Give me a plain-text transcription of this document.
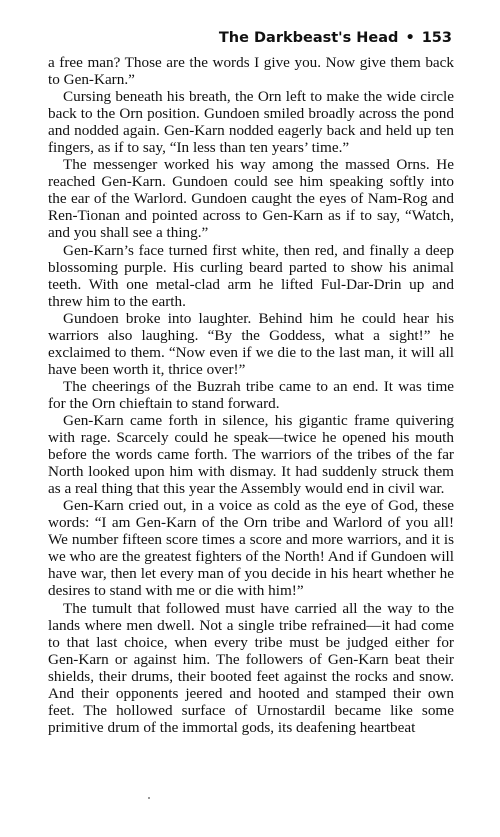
The Darkbeast's Head • 153

a free man? Those are the words I give you. Now give them back to Gen-Karn.”

Cursing beneath his breath, the Orn left to make the wide circle back to the Orn position. Gundoen smiled broadly across the pond and nodded again. Gen-Karn nodded eagerly back and held up ten fingers, as if to say, “In less than ten years’ time.”

The messenger worked his way among the massed Orns. He reached Gen-Karn. Gundoen could see him speaking softly into the ear of the Warlord. Gundoen caught the eyes of Nam-Rog and Ren-Tionan and pointed across to Gen-Karn as if to say, “Watch, and you shall see a thing.”

Gen-Karn’s face turned first white, then red, and finally a deep blossoming purple. His curling beard parted to show his animal teeth. With one metal-clad arm he lifted Ful-Dar-Drin up and threw him to the earth.

Gundoen broke into laughter. Behind him he could hear his warriors also laughing. “By the Goddess, what a sight!” he exclaimed to them. “Now even if we die to the last man, it will all have been worth it, thrice over!”

The cheerings of the Buzrah tribe came to an end. It was time for the Orn chieftain to stand forward.

Gen-Karn came forth in silence, his gigantic frame quivering with rage. Scarcely could he speak—twice he opened his mouth before the words came forth. The warriors of the tribes of the far North looked upon him with dismay. It had suddenly struck them as a real thing that this year the Assembly would end in civil war.

Gen-Karn cried out, in a voice as cold as the eye of God, these words: “I am Gen-Karn of the Orn tribe and Warlord of you all! We number fifteen score times a score and more warriors, and it is we who are the greatest fighters of the North! And if Gundoen will have war, then let every man of you decide in his heart whether he desires to stand with me or die with him!”

The tumult that followed must have carried all the way to the lands where men dwell. Not a single tribe refrained—it had come to that last choice, when every tribe must be judged either for Gen-Karn or against him. The followers of Gen-Karn beat their shields, their drums, their booted feet against the rocks and snow. And their opponents jeered and hooted and stamped their own feet. The hollowed surface of Urnostardil became like some primitive drum of the immortal gods, its deafening heartbeat
